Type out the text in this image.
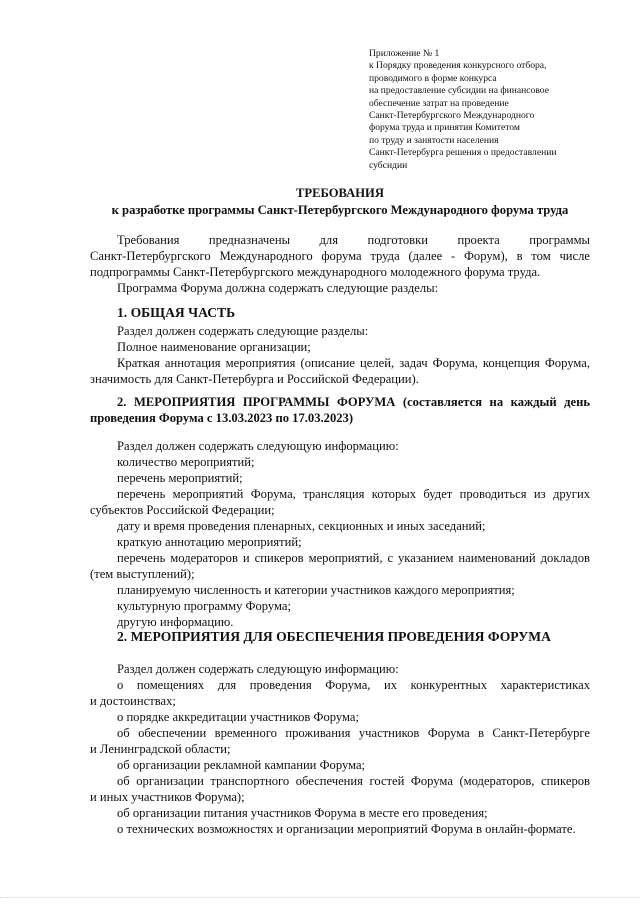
Приложение № 1
к Порядку проведения конкурсного отбора,
проводимого в форме конкурса
на предоставление субсидии на финансовое
обеспечение затрат на проведение
Санкт-Петербургского Международного
форума труда и принятия Комитетом
по труду и занятости населения
Санкт-Петербурга решения о предоставлении
субсидии
ТРЕБОВАНИЯ
к разработке программы Санкт-Петербургского Международного форума труда
Требования предназначены для подготовки проекта программы
Санкт-Петербургского Международного форума труда (далее - Форум), в том числе
подпрограммы Санкт-Петербургского международного молодежного форума труда.
Программа Форума должна содержать следующие разделы:
1. ОБЩАЯ ЧАСТЬ
Раздел должен содержать следующие разделы:
Полное наименование организации;
Краткая аннотация мероприятия (описание целей, задач Форума, концепция Форума,
значимость для Санкт-Петербурга и Российской Федерации).
2. МЕРОПРИЯТИЯ ПРОГРАММЫ ФОРУМА (составляется на каждый день
проведения Форума с 13.03.2023 по 17.03.2023)
Раздел должен содержать следующую информацию:
количество мероприятий;
перечень мероприятий;
перечень мероприятий Форума, трансляция которых будет проводиться из других
субъектов Российской Федерации;
дату и время проведения пленарных, секционных и иных заседаний;
краткую аннотацию мероприятий;
перечень модераторов и спикеров мероприятий, с указанием наименований докладов
(тем выступлений);
планируемую численность и категории участников каждого мероприятия;
культурную программу Форума;
другую информацию.
2. МЕРОПРИЯТИЯ ДЛЯ ОБЕСПЕЧЕНИЯ ПРОВЕДЕНИЯ ФОРУМА
Раздел должен содержать следующую информацию:
о помещениях для проведения Форума, их конкурентных характеристиках
и достоинствах;
о порядке аккредитации участников Форума;
об обеспечении временного проживания участников Форума в Санкт-Петербурге
и Ленинградской области;
об организации рекламной кампании Форума;
об организации транспортного обеспечения гостей Форума (модераторов, спикеров
и иных участников Форума);
об организации питания участников Форума в месте его проведения;
о технических возможностях и организации мероприятий Форума в онлайн-формате.
